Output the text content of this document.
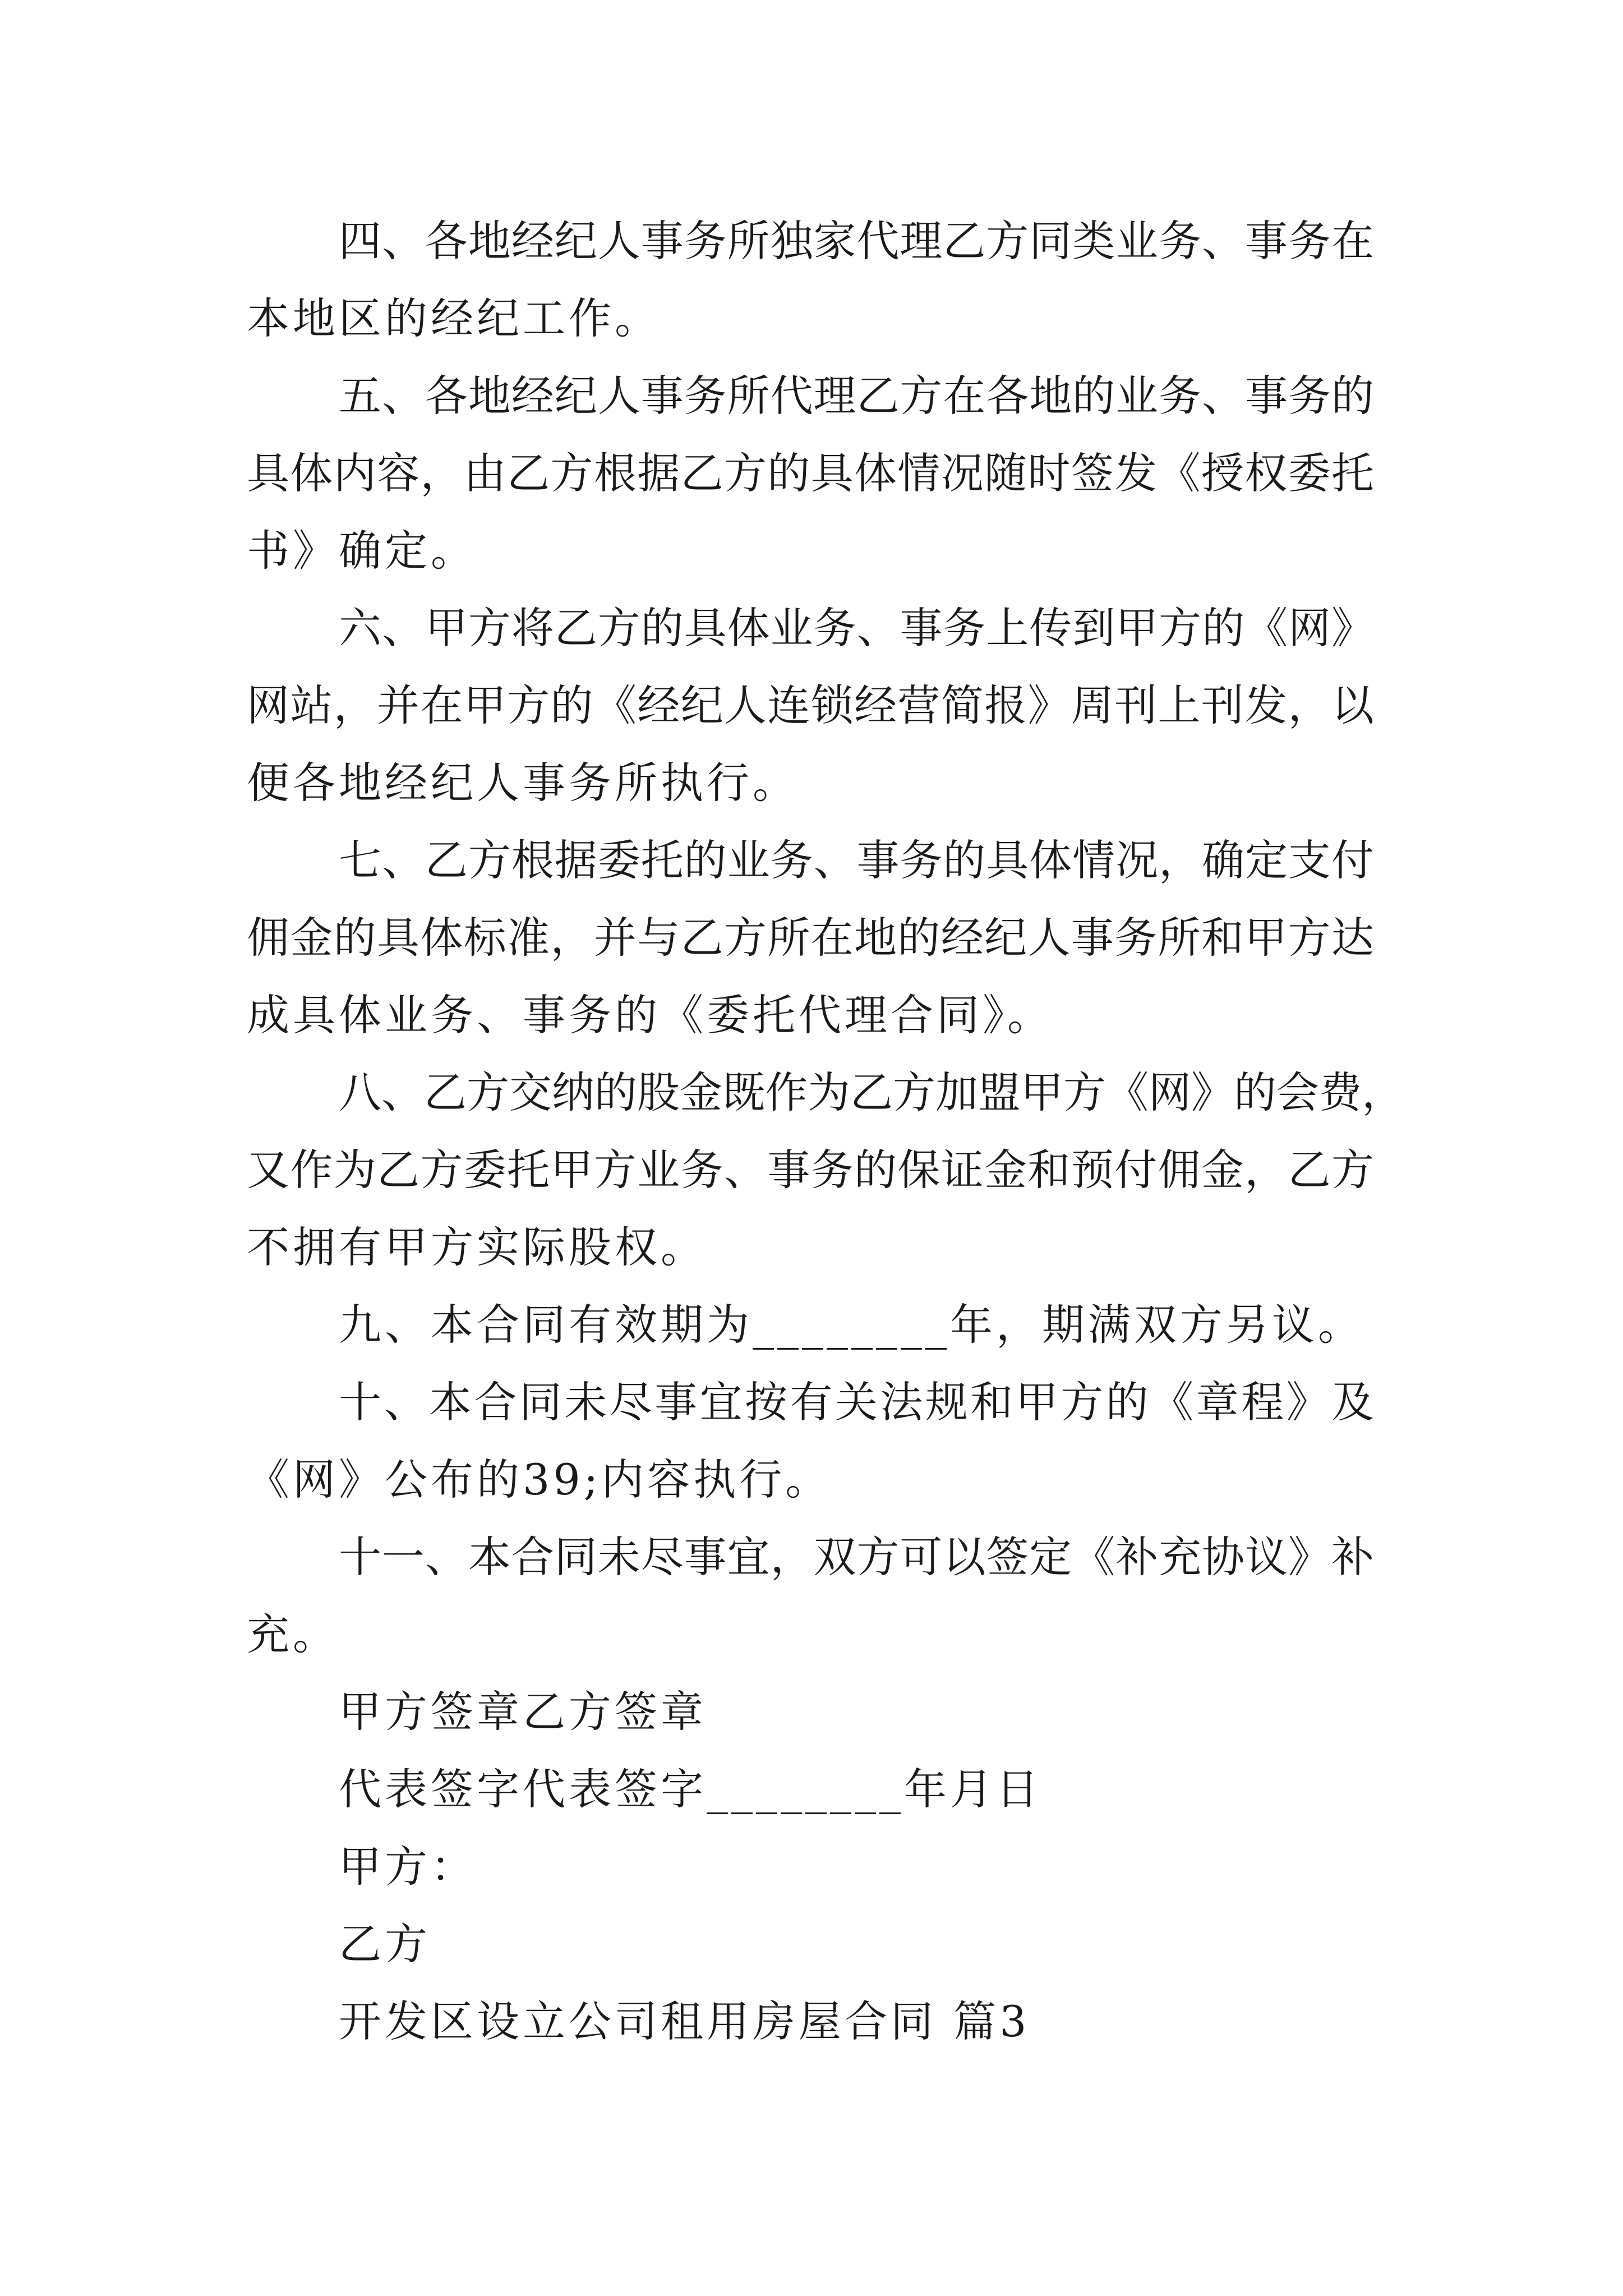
四、各地经纪人事务所独家代理乙方同类业务、事务在
本地区的经纪工作。
五、各地经纪人事务所代理乙方在各地的业务、事务的
具体内容，由乙方根据乙方的具体情况随时签发《授权委托
书》确定。
六、甲方将乙方的具体业务、事务上传到甲方的《网》
网站，并在甲方的《经纪人连锁经营简报》周刊上刊发，以
便各地经纪人事务所执行。
七、乙方根据委托的业务、事务的具体情况，确定支付
佣金的具体标准，并与乙方所在地的经纪人事务所和甲方达
成具体业务、事务的《委托代理合同》。
八、乙方交纳的股金既作为乙方加盟甲方《网》的会费，
又作为乙方委托甲方业务、事务的保证金和预付佣金，乙方
不拥有甲方实际股权。
九、本合同有效期为________年，期满双方另议。
十、本合同未尽事宜按有关法规和甲方的《章程》及
《网》公布的39;内容执行。
十一、本合同未尽事宜，双方可以签定《补充协议》补
充。
甲方签章乙方签章
代表签字代表签字________年月日
甲方：
乙方
开发区设立公司租用房屋合同 篇3
